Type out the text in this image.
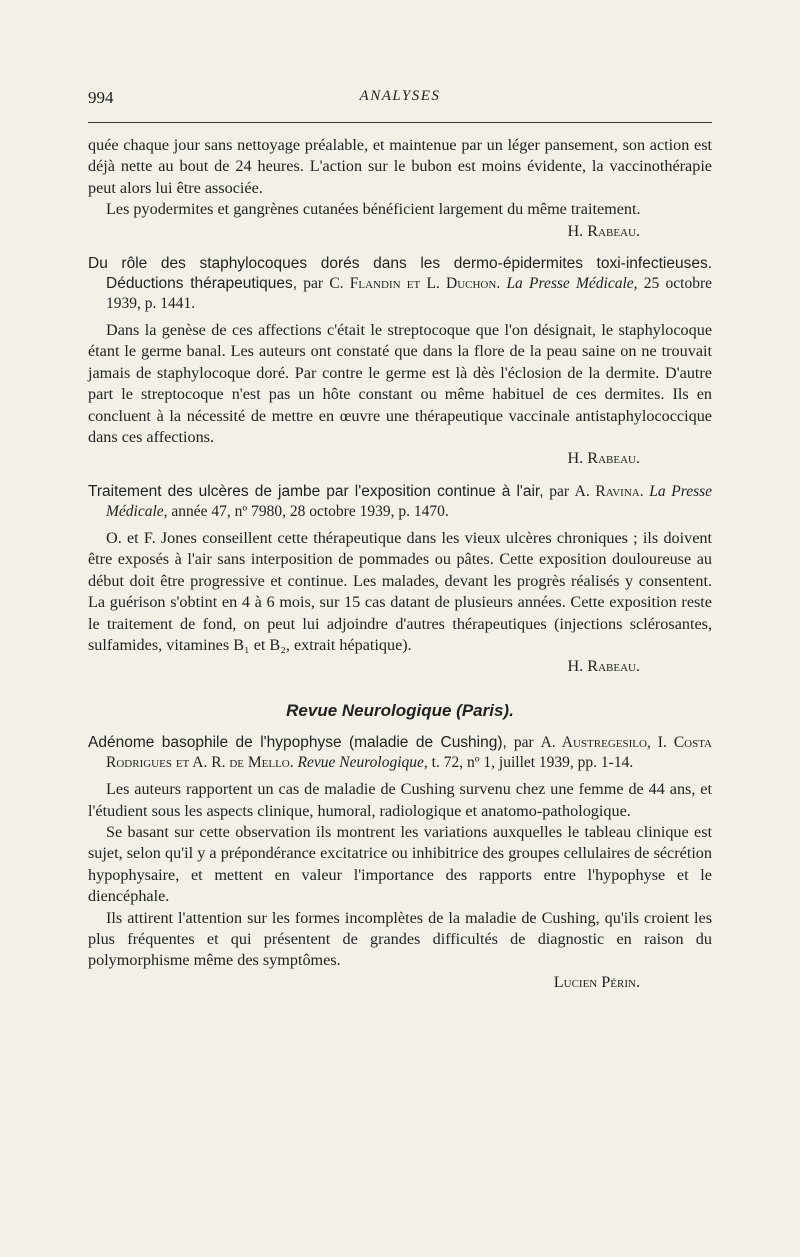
994	ANALYSES

quée chaque jour sans nettoyage préalable, et maintenue par un léger pansement, son action est déjà nette au bout de 24 heures. L'action sur le bubon est moins évidente, la vaccinothérapie peut alors lui être associée.

Les pyodermites et gangrènes cutanées bénéficient largement du même traitement.
H. Rabeau.

Du rôle des staphylocoques dorés dans les dermo-épidermites toxi-infectieuses. Déductions thérapeutiques, par C. Flandin et L. Duchon. La Presse Médicale, 25 octobre 1939, p. 1441.

Dans la genèse de ces affections c'était le streptocoque que l'on désignait, le staphylocoque étant le germe banal. Les auteurs ont constaté que dans la flore de la peau saine on ne trouvait jamais de staphylocoque doré. Par contre le germe est là dès l'éclosion de la dermite. D'autre part le streptocoque n'est pas un hôte constant ou même habituel de ces dermites. Ils en concluent à la nécessité de mettre en œuvre une thérapeutique vaccinale antistaphylococcique dans ces affections.

H. Rabeau.
Traitement des ulcères de jambe par l'exposition continue à l'air, par A. Ravina. La Presse Médicale, année 47, nº 7980, 28 octobre 1939, p. 1470.

O. et F. Jones conseillent cette thérapeutique dans les vieux ulcères chroniques ; ils doivent être exposés à l'air sans interposition de pommades ou pâtes. Cette exposition douloureuse au début doit être progressive et continue. Les malades, devant les progrès réalisés y consentent. La guérison s'obtint en 4 à 6 mois, sur 15 cas datant de plusieurs années. Cette exposition reste le traitement de fond, on peut lui adjoindre d'autres thérapeutiques (injections sclérosantes, sulfamides, vitamines B₁ et B₂, extrait hépatique).

H. Rabeau.
Revue Neurologique (Paris).
Adénome basophile de l'hypophyse (maladie de Cushing), par A. Austregesilo, I. Costa Rodrigues et A. R. de Mello. Revue Neurologique, t. 72, nº 1, juillet 1939, pp. 1-14.

Les auteurs rapportent un cas de maladie de Cushing survenu chez une femme de 44 ans, et l'étudient sous les aspects clinique, humoral, radiologique et anatomo-pathologique.

Se basant sur cette observation ils montrent les variations auxquelles le tableau clinique est sujet, selon qu'il y a prépondérance excitatrice ou inhibitrice des groupes cellulaires de sécrétion hypophysaire, et mettent en valeur l'importance des rapports entre l'hypophyse et le diencéphale.

Ils attirent l'attention sur les formes incomplètes de la maladie de Cushing, qu'ils croient les plus fréquentes et qui présentent de grandes difficultés de diagnostic en raison du polymorphisme même des symptômes.

Lucien Périn.
